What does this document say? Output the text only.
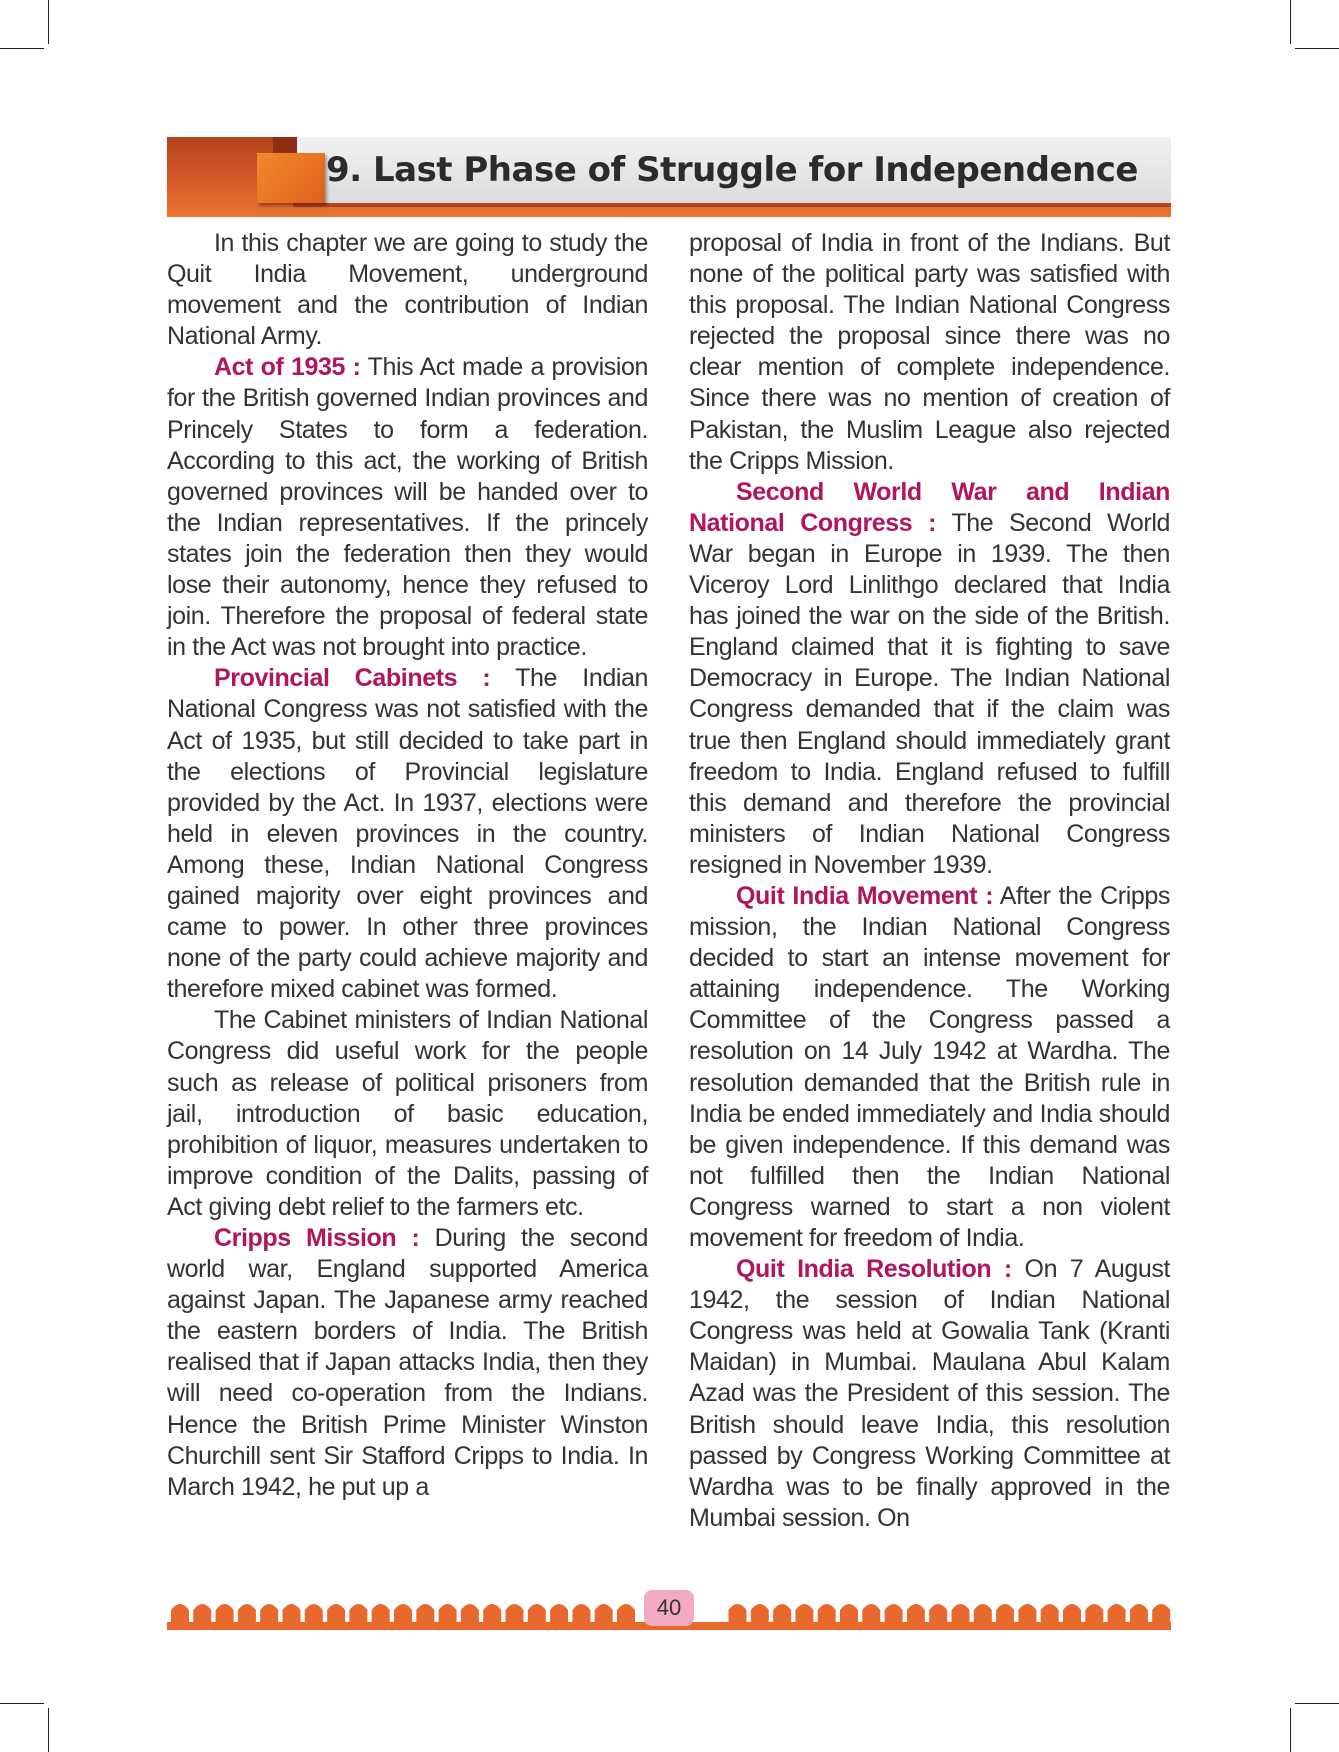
9. Last Phase of Struggle for Independence

In this chapter we are going to study the Quit India Movement, underground movement and the contribution of Indian National Army.

Act of 1935 : This Act made a provision for the British governed Indian provinces and Princely States to form a federation. According to this act, the working of British governed provinces will be handed over to the Indian representatives. If the princely states join the federation then they would lose their autonomy, hence they refused to join. Therefore the proposal of federal state in the Act was not brought into practice.

Provincial Cabinets : The Indian National Congress was not satisfied with the Act of 1935, but still decided to take part in the elections of Provincial legislature provided by the Act. In 1937, elections were held in eleven provinces in the country. Among these, Indian National Congress gained majority over eight provinces and came to power. In other three provinces none of the party could achieve majority and therefore mixed cabinet was formed.

The Cabinet ministers of Indian National Congress did useful work for the people such as release of political prisoners from jail, introduction of basic education, prohibition of liquor, measures undertaken to improve condition of the Dalits, passing of Act giving debt relief to the farmers etc.

Cripps Mission : During the second world war, England supported America against Japan. The Japanese army reached the eastern borders of India. The British realised that if Japan attacks India, then they will need co-operation from the Indians. Hence the British Prime Minister Winston Churchill sent Sir Stafford Cripps to India. In March 1942, he put up a

proposal of India in front of the Indians. But none of the political party was satisfied with this proposal. The Indian National Congress rejected the proposal since there was no clear mention of complete independence. Since there was no mention of creation of Pakistan, the Muslim League also rejected the Cripps Mission.

Second World War and Indian National Congress : The Second World War began in Europe in 1939. The then Viceroy Lord Linlithgo declared that India has joined the war on the side of the British. England claimed that it is fighting to save Democracy in Europe. The Indian National Congress demanded that if the claim was true then England should immediately grant freedom to India. England refused to fulfill this demand and therefore the provincial ministers of Indian National Congress resigned in November 1939.

Quit India Movement : After the Cripps mission, the Indian National Congress decided to start an intense movement for attaining independence. The Working Committee of the Congress passed a resolution on 14 July 1942 at Wardha. The resolution demanded that the British rule in India be ended immediately and India should be given independence. If this demand was not fulfilled then the Indian National Congress warned to start a non violent movement for freedom of India.

Quit India Resolution : On 7 August 1942, the session of Indian National Congress was held at Gowalia Tank (Kranti Maidan) in Mumbai. Maulana Abul Kalam Azad was the President of this session. The British should leave India, this resolution passed by Congress Working Committee at Wardha was to be finally approved in the Mumbai session. On

40
